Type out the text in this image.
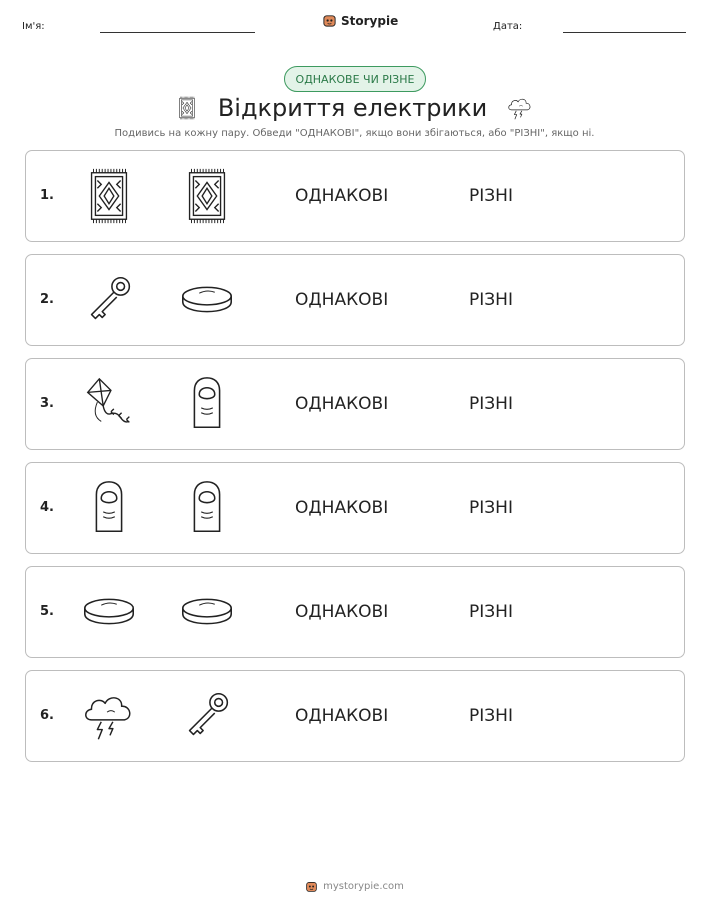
Ім'я:	Storypie	Дата:
ОДНАКОВЕ ЧИ РІЗНЕ
Відкриття електрики
Подивись на кожну пару. Обведи "ОДНАКОВІ", якщо вони збігаються, або "РІЗНІ", якщо ні.
1.	ОДНАКОВІ	РІЗНІ
2.	ОДНАКОВІ	РІЗНІ
3.	ОДНАКОВІ	РІЗНІ
4.	ОДНАКОВІ	РІЗНІ
5.	ОДНАКОВІ	РІЗНІ
6.	ОДНАКОВІ	РІЗНІ
mystorypie.com
